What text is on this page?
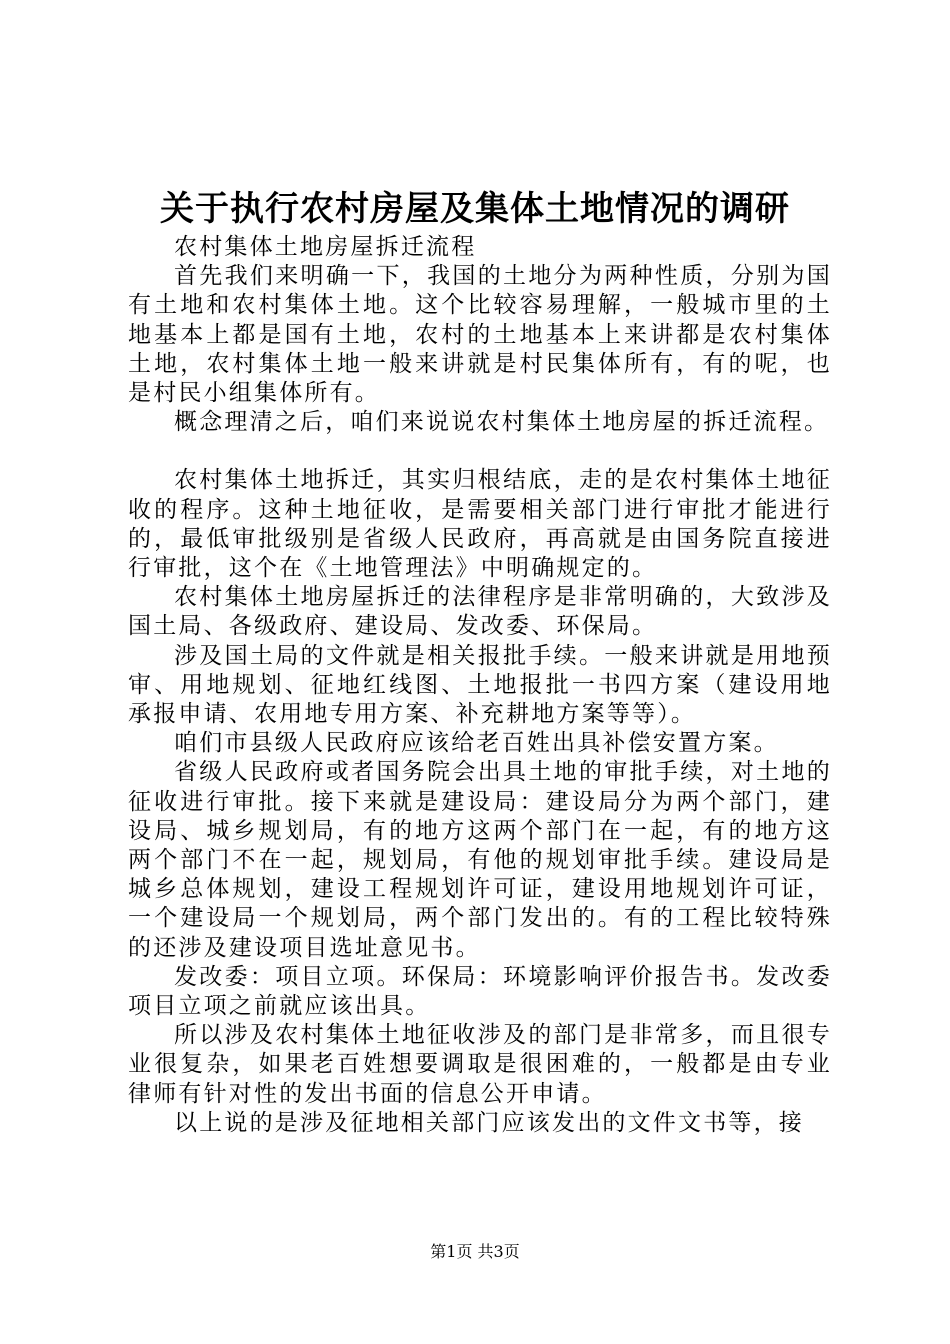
关于执行农村房屋及集体土地情况的调研

农村集体土地房屋拆迁流程

首先我们来明确一下，我国的土地分为两种性质，分别为国有土地和农村集体土地。这个比较容易理解，一般城市里的土地基本上都是国有土地，农村的土地基本上来讲都是农村集体土地，农村集体土地一般来讲就是村民集体所有，有的呢，也是村民小组集体所有。

概念理清之后，咱们来说说农村集体土地房屋的拆迁流程。

农村集体土地拆迁，其实归根结底，走的是农村集体土地征收的程序。这种土地征收，是需要相关部门进行审批才能进行的，最低审批级别是省级人民政府，再高就是由国务院直接进行审批，这个在《土地管理法》中明确规定的。

农村集体土地房屋拆迁的法律程序是非常明确的，大致涉及国土局、各级政府、建设局、发改委、环保局。

涉及国土局的文件就是相关报批手续。一般来讲就是用地预审、用地规划、征地红线图、土地报批一书四方案（建设用地承报申请、农用地专用方案、补充耕地方案等等）。

咱们市县级人民政府应该给老百姓出具补偿安置方案。

省级人民政府或者国务院会出具土地的审批手续，对土地的征收进行审批。接下来就是建设局：建设局分为两个部门，建设局、城乡规划局，有的地方这两个部门在一起，有的地方这两个部门不在一起，规划局，有他的规划审批手续。建设局是城乡总体规划，建设工程规划许可证，建设用地规划许可证，一个建设局一个规划局，两个部门发出的。有的工程比较特殊的还涉及建设项目选址意见书。

发改委：项目立项。环保局：环境影响评价报告书。发改委项目立项之前就应该出具。

所以涉及农村集体土地征收涉及的部门是非常多，而且很专业很复杂，如果老百姓想要调取是很困难的，一般都是由专业律师有针对性的发出书面的信息公开申请。

以上说的是涉及征地相关部门应该发出的文件文书等，接

第1页 共3页
